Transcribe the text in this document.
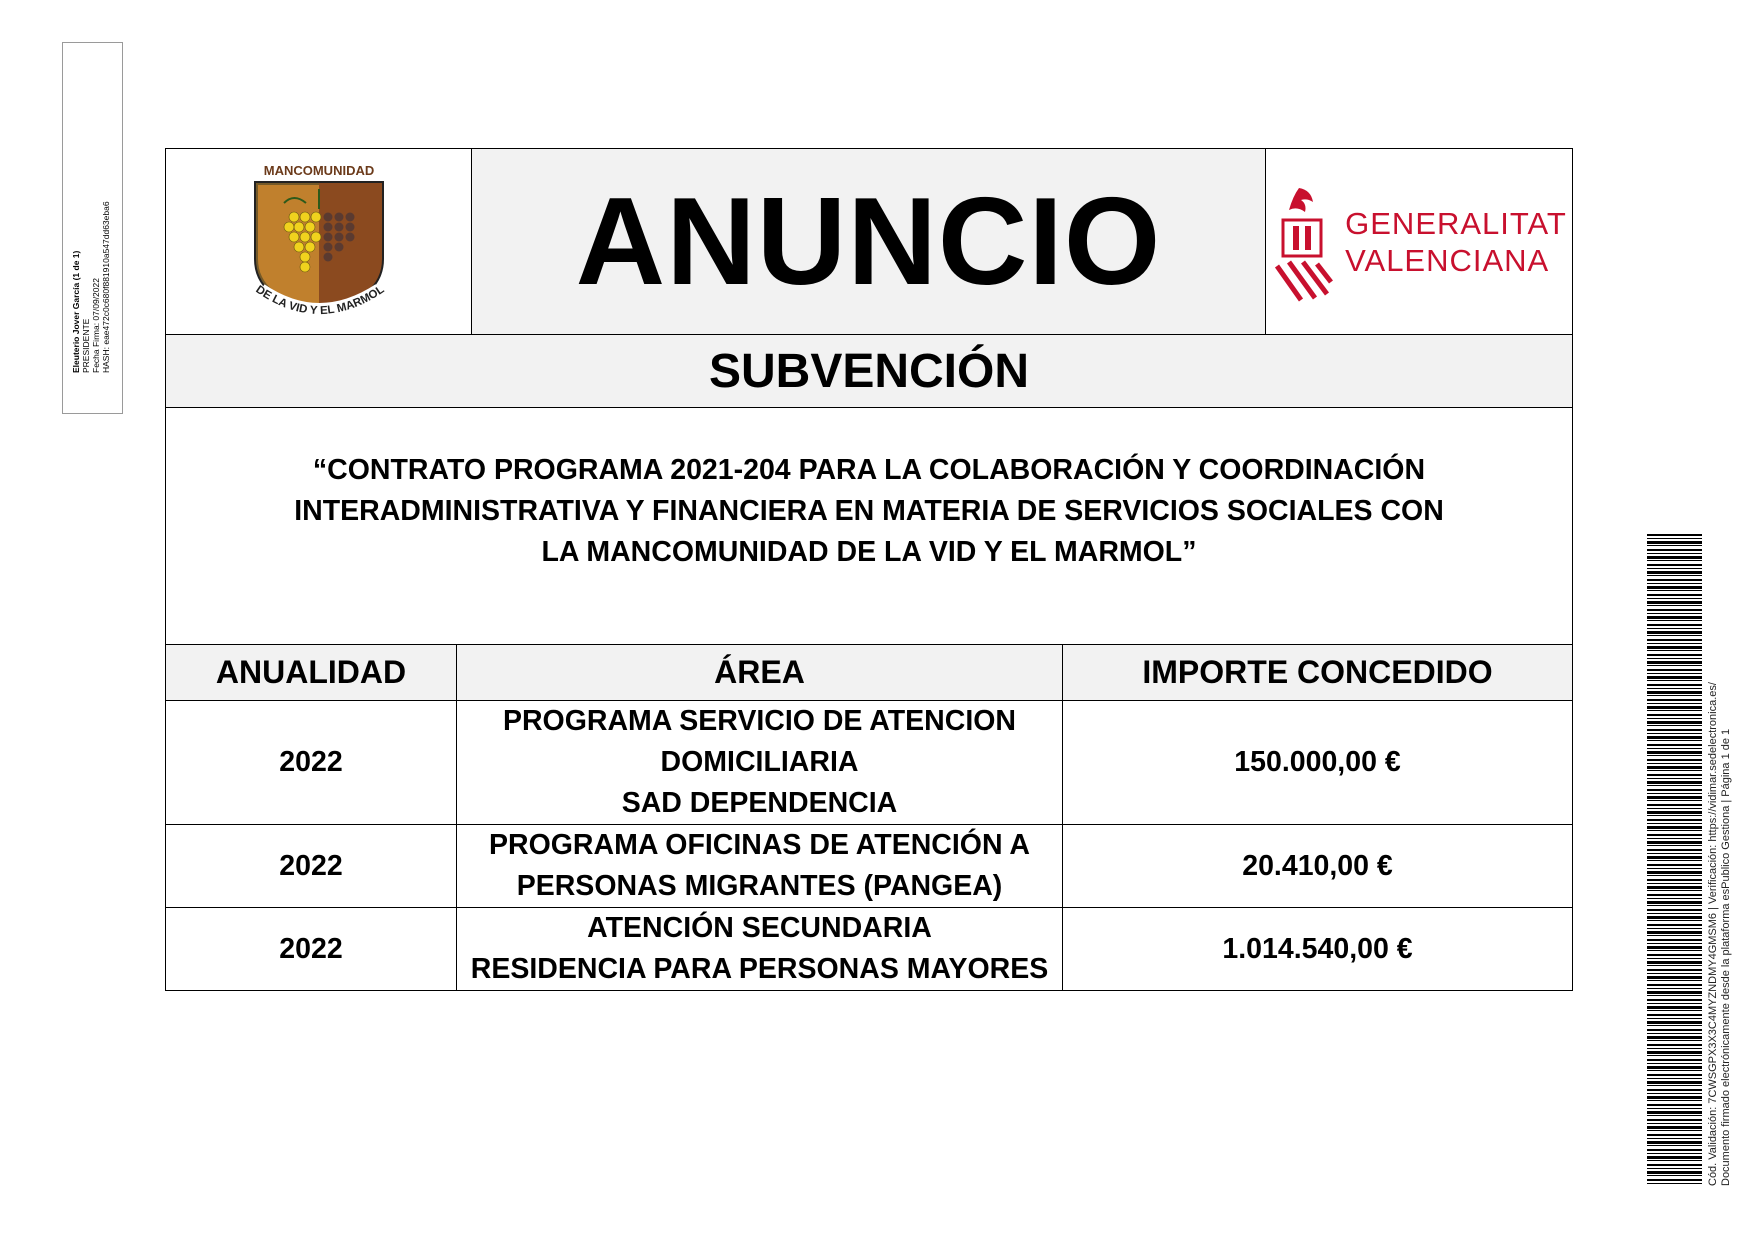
Eleuterio Jover García (1 de 1) PRESIDENTE Fecha Firma: 07/09/2022 HASH: eae472c0c680f881910a547dd63eba6
Cód. Validación: 7CWSGPX3X3C4MYZNDMY4GMSM6 | Verificación: https://vidimar.sedelectronica.es/ Documento firmado electrónicamente desde la plataforma esPublico Gestiona | Página 1 de 1
MANCOMUNIDAD
DE LA VID Y EL MARMOL ANUNCIO	GENERALITAT
VALENCIANA
SUBVENCIÓN

“CONTRATO PROGRAMA 2021-204 PARA LA COLABORACIÓN Y COORDINACIÓN INTERADMINISTRATIVA Y FINANCIERA EN MATERIA DE SERVICIOS SOCIALES CON LA MANCOMUNIDAD DE LA VID Y EL MARMOL”

ANUALIDAD	ÁREA	IMPORTE CONCEDIDO
2022	PROGRAMA SERVICIO DE ATENCION
DOMICILIARIA
SAD DEPENDENCIA	150.000,00 €
2022	PROGRAMA OFICINAS DE ATENCIÓN A
PERSONAS MIGRANTES (PANGEA)	20.410,00 €
2022	ATENCIÓN SECUNDARIA
RESIDENCIA PARA PERSONAS MAYORES	1.014.540,00 €
